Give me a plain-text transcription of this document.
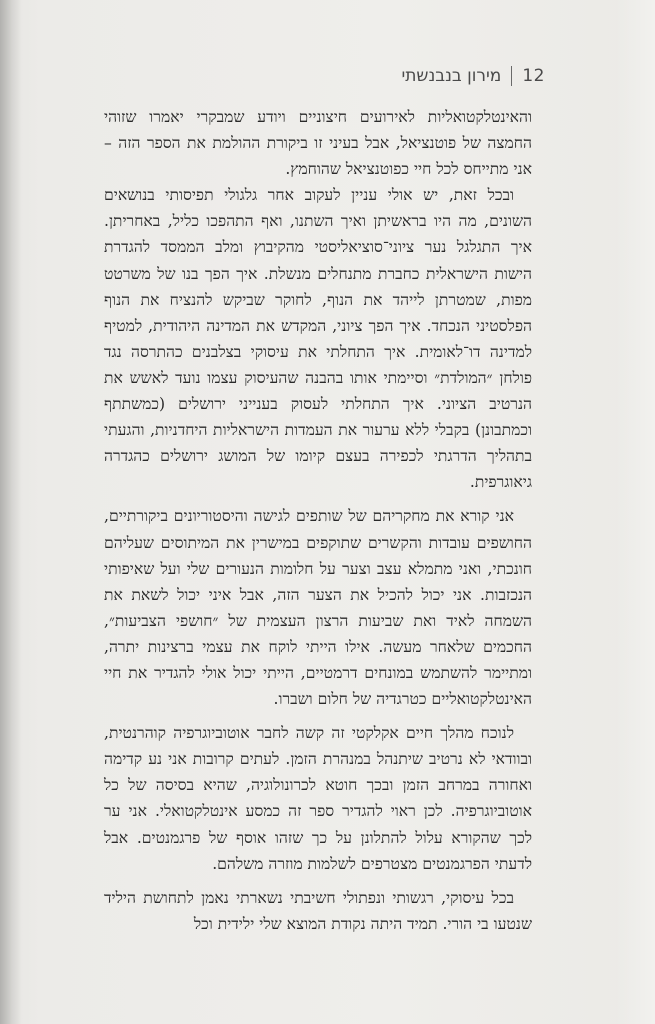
12
מירון בנבנשתי

והאינטלקטואליות לאירועים חיצוניים ויודע שמבקרי יאמרו שזוהי החמצה של פוטנציאל, אבל בעיני זו ביקורת ההולמת את הספר הזה – אני מתייחס לכל חיי כפוטנציאל שהוחמץ.

ובכל זאת, יש אולי עניין לעקוב אחר גלגולי תפיסותי בנושאים השונים, מה היו בראשיתן ואיך השתנו, ואף התהפכו כליל, באחריתן. איך התגלגל נער ציוני־סוציאליסטי מהקיבוץ ומלב הממסד להגדרת הישות הישראלית כחברת מתנחלים מנשלת. איך הפך בנו של משרטט מפות, שמטרתן לייהד את הנוף, לחוקר שביקש להנציח את הנוף הפלסטיני הנכחד. איך הפך ציוני, המקדש את המדינה היהודית, למטיף למדינה דו־לאומית. איך התחלתי את עיסוקי בצלבנים כהתרסה נגד פולחן ״המולדת״ וסיימתי אותו בהבנה שהעיסוק עצמו נועד לאשש את הנרטיב הציוני. איך התחלתי לעסוק בענייני ירושלים (כמשתתף וכמתבונן) בקבלי ללא ערעור את העמדות הישראליות היחדניות, והגעתי בתהליך הדרגתי לכפירה בעצם קיומו של המושג ירושלים כהגדרה גיאוגרפית.

אני קורא את מחקריהם של שותפים לגישה והיסטוריונים ביקורתיים, החושפים עובדות והקשרים שתוקפים במישרין את המיתוסים שעליהם חונכתי, ואני מתמלא עצב וצער על חלומות הנעורים שלי ועל שאיפותי הנכזבות. אני יכול להכיל את הצער הזה, אבל איני יכול לשאת את השמחה לאיד ואת שביעות הרצון העצמית של ״חושפי הצביעות״, החכמים שלאחר מעשה. אילו הייתי לוקח את עצמי ברצינות יתרה, ומתיימר להשתמש במונחים דרמטיים, הייתי יכול אולי להגדיר את חיי האינטלקטואליים כטרגדיה של חלום ושברו.

לנוכח מהלך חיים אקלקטי זה קשה לחבר אוטוביוגרפיה קוהרנטית, ובוודאי לא נרטיב שיתנהל במנהרת הזמן. לעתים קרובות אני נע קדימה ואחורה במרחב הזמן ובכך חוטא לכרונולוגיה, שהיא בסיסה של כל אוטוביוגרפיה. לכן ראוי להגדיר ספר זה כמסע אינטלקטואלי. אני ער לכך שהקורא עלול להתלונן על כך שזהו אוסף של פרגמנטים. אבל לדעתי הפרגמנטים מצטרפים לשלמות מוזרה משלהם.

בכל עיסוקי, רגשותי ונפתולי חשיבתי נשארתי נאמן לתחושת היליד שנטעו בי הורי. תמיד היתה נקודת המוצא שלי ילידית וכל
